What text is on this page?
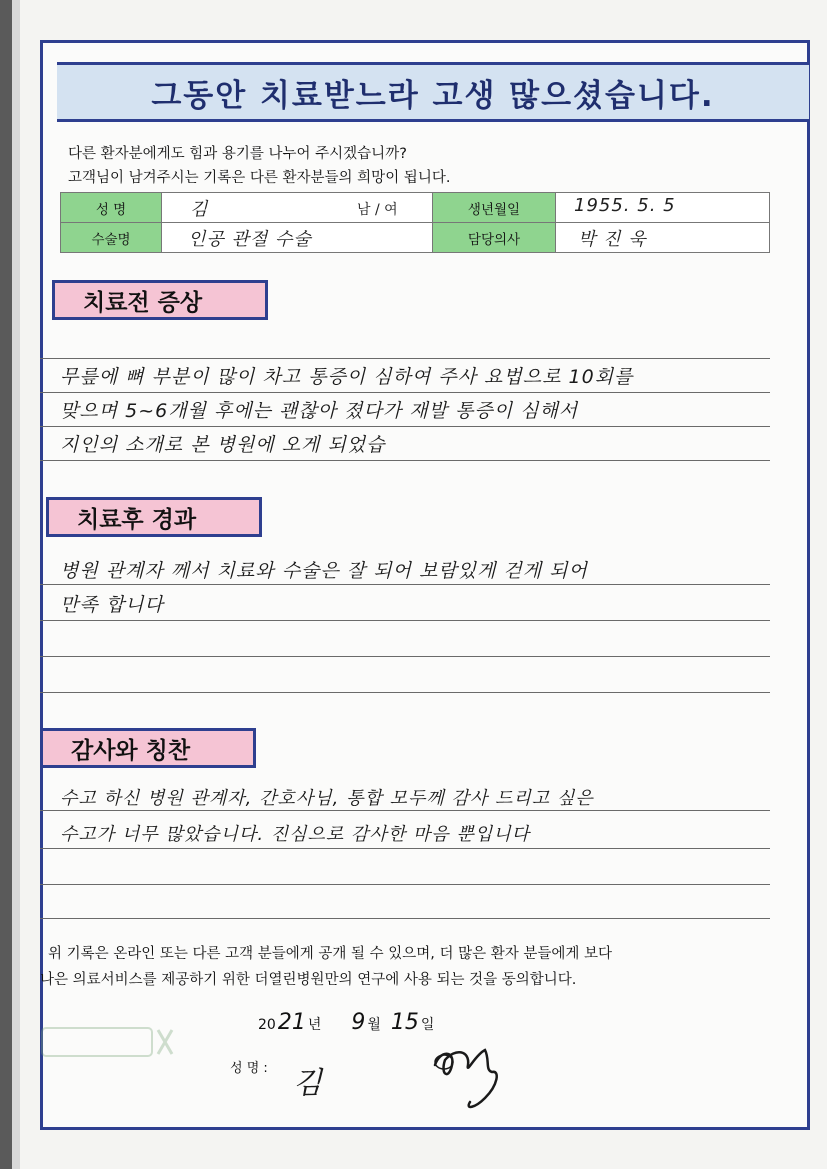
그동안 치료받느라 고생 많으셨습니다.
다른 환자분에게도 힘과 용기를 나누어 주시겠습니까?
고객님이 남겨주시는 기록은 다른 환자분들의 희망이 됩니다.
성 명	김 남 / 여	생년월일	1955. 5. 5

수술명	인공 관절 수술	담당의사	박 진 욱
치료전 증상
무릎에 뼈 부분이 많이 차고 통증이 심하여 주사 요법으로 10회를
맞으며 5~6개월 후에는 괜찮아 졌다가 재발 통증이 심해서
지인의 소개로 본 병원에 오게 되었습
치료후 경과
병원 관계자 께서 치료와 수술은 잘 되어 보람있게 걷게 되어
만족 합니다
감사와 칭찬
수고 하신 병원 관계자, 간호사님, 통합 모두께 감사 드리고 싶은
수고가 너무 많았습니다. 진심으로 감사한 마음 뿐입니다
위 기록은 온라인 또는 다른 고객 분들에게 공개 될 수 있으며, 더 많은 환자 분들에게 보다
나은 의료서비스를 제공하기 위한 더열린병원만의 연구에 사용 되는 것을 동의합니다.
20 21 년 9 월 15 일
성 명 : 김
